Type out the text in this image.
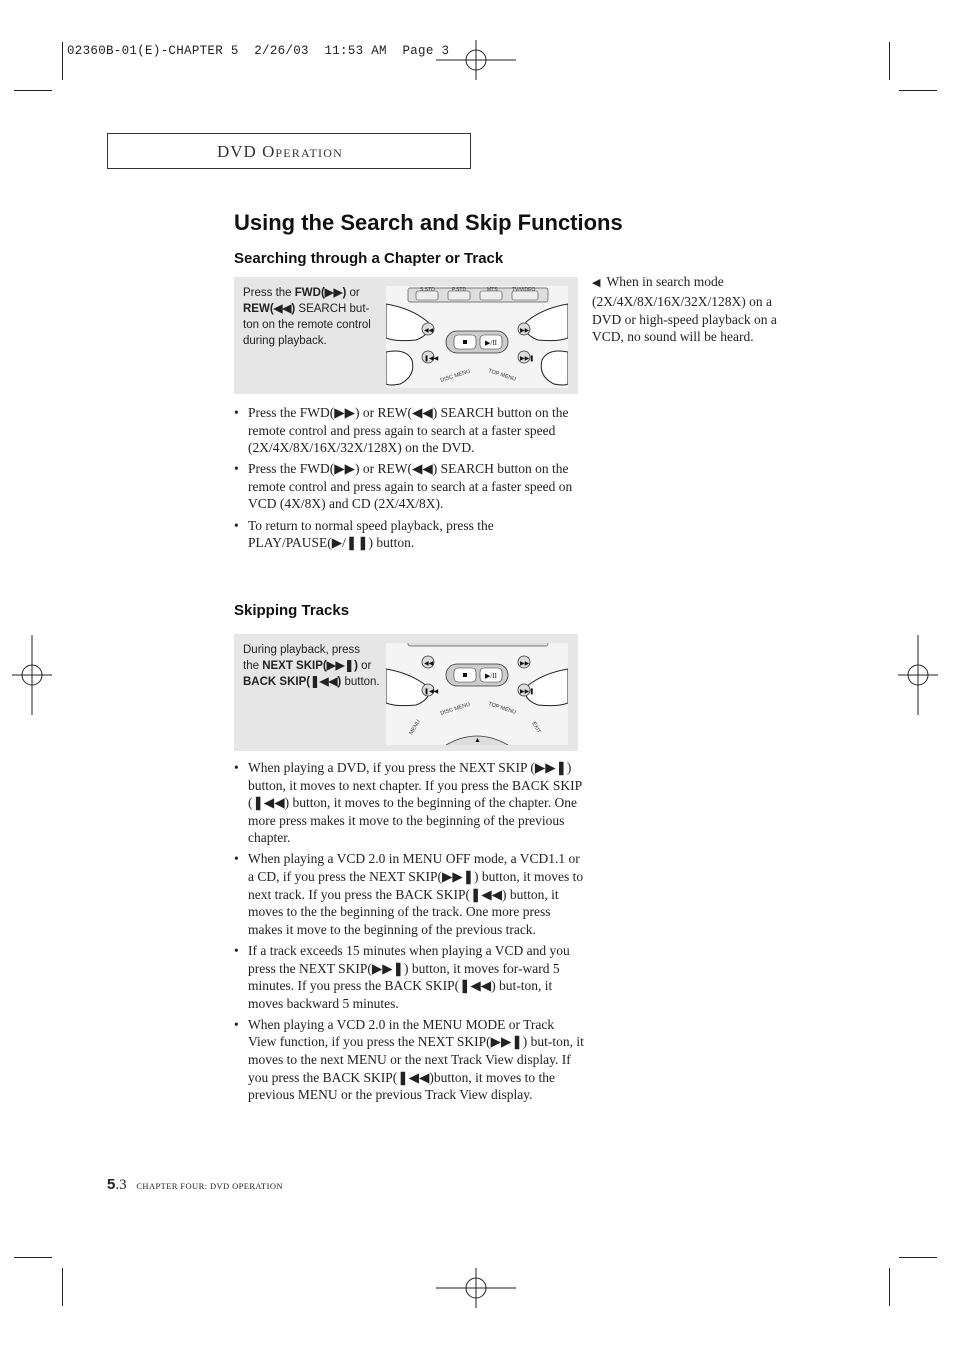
02360B-01(E)-CHAPTER 5  2/26/03  11:53 AM  Page 3
DVD OPERATION
Using the Search and Skip Functions
Searching through a Chapter or Track
Press the FWD(▶▶) or
REW(◀◀) SEARCH but-
ton on the remote control
during playback.
S.STD	P.STD	MTS	TV/VIDEO
◀◀	▶▶
▶/II
❚◀◀	▶▶❚
DISC MENU	TOP MENU
◀ When in search mode (2X/4X/8X/16X/32X/128X) on a DVD or high-speed playback on a VCD, no sound will be heard.
• Press the FWD(▶▶) or REW(◀◀) SEARCH button on the remote control and press again to search at a faster speed (2X/4X/8X/16X/32X/128X) on the DVD.
• Press the FWD(▶▶) or REW(◀◀) SEARCH button on the remote control and press again to search at a faster speed on VCD (4X/8X) and CD (2X/4X/8X).
• To return to normal speed playback, press the PLAY/PAUSE(▶/❚❚) button.
Skipping Tracks
During playback, press
the NEXT SKIP(▶▶❚) or
BACK SKIP(❚◀◀) button.
◀◀	▶▶
▶/II
❚◀◀	▶▶❚
DISC MENU	TOP MENU
MENU	EXIT
▲
• When playing a DVD, if you press the NEXT SKIP (▶▶❚) button, it moves to next chapter. If you press the BACK SKIP (❚◀◀) button, it moves to the beginning of the chapter. One more press makes it move to the beginning of the previous chapter.
• When playing a VCD 2.0 in MENU OFF mode, a VCD1.1 or a CD, if you press the NEXT SKIP(▶▶❚) button, it moves to next track. If you press the BACK SKIP(❚◀◀) button, it moves to the the beginning of the track. One more press makes it move to the beginning of the previous track.
• If a track exceeds 15 minutes when playing a VCD and you press the NEXT SKIP(▶▶❚) button, it moves for-ward 5 minutes. If you press the BACK SKIP(❚◀◀) but-ton, it moves backward 5 minutes.
• When playing a VCD 2.0 in the MENU MODE or Track View function, if you press the NEXT SKIP(▶▶❚) but-ton, it moves to the next MENU or the next Track View display. If you press the BACK SKIP(❚◀◀)button, it moves to the previous MENU or the previous Track View display.
5.3 CHAPTER FOUR: DVD OPERATION
